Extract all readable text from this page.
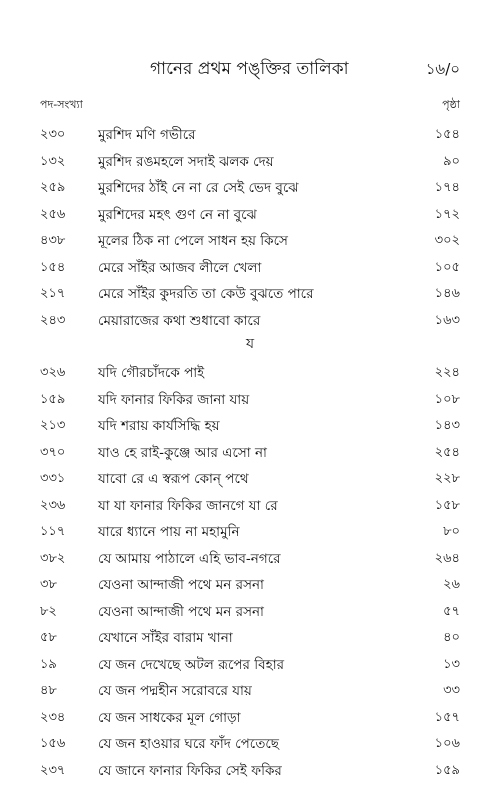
গানের প্রথম পঙ্‌ক্তির তালিকা	১৬/০
পদ-সংখ্যা	পৃষ্ঠা
২৩০	মুরশিদ মণি গভীরে	১৫৪
১৩২	মুরশিদ রঙমহলে সদাই ঝলক দেয়	৯০
২৫৯	মুরশিদের ঠাঁই নে না রে সেই ভেদ বুঝে	১৭৪
২৫৬	মুরশিদের মহৎ গুণ নে না বুঝে	১৭২
৪৩৮	মূলের ঠিক না পেলে সাধন হয় কিসে	৩০২
১৫৪	মেরে সাঁইর আজব লীলে খেলা	১০৫
২১৭	মেরে সাঁইর কুদরতি তা কেউ বুঝতে পারে	১৪৬
২৪৩	মেয়ারাজের কথা শুধাবো কারে	১৬৩
য
৩২৬	যদি গৌরচাঁদকে পাই	২২৪
১৫৯	যদি ফানার ফিকির জানা যায়	১০৮
২১৩	যদি শরায় কার্যসিদ্ধি হয়	১৪৩
৩৭০	যাও হে রাই-কুঞ্জে আর এসো না	২৫৪
৩৩১	যাবো রে এ স্বরূপ কোন্‌ পথে	২২৮
২৩৬	যা যা ফানার ফিকির জানগে যা রে	১৫৮
১১৭	যারে ধ্যানে পায় না মহামুনি	৮০
৩৮২	যে আমায় পাঠালে এহি ভাব-নগরে	২৬৪
৩৮	যেওনা আন্দাজী পথে মন রসনা	২৬
৮২	যেওনা আন্দাজী পথে মন রসনা	৫৭
৫৮	যেখানে সাঁইর বারাম খানা	৪০
১৯	যে জন দেখেছে অটল রূপের বিহার	১৩
৪৮	যে জন পদ্মহীন সরোবরে যায়	৩৩
২৩৪	যে জন সাধকের মূল গোড়া	১৫৭
১৫৬	যে জন হাওয়ার ঘরে ফাঁদ পেতেছে	১০৬
২৩৭	যে জানে ফানার ফিকির সেই ফকির	১৫৯
